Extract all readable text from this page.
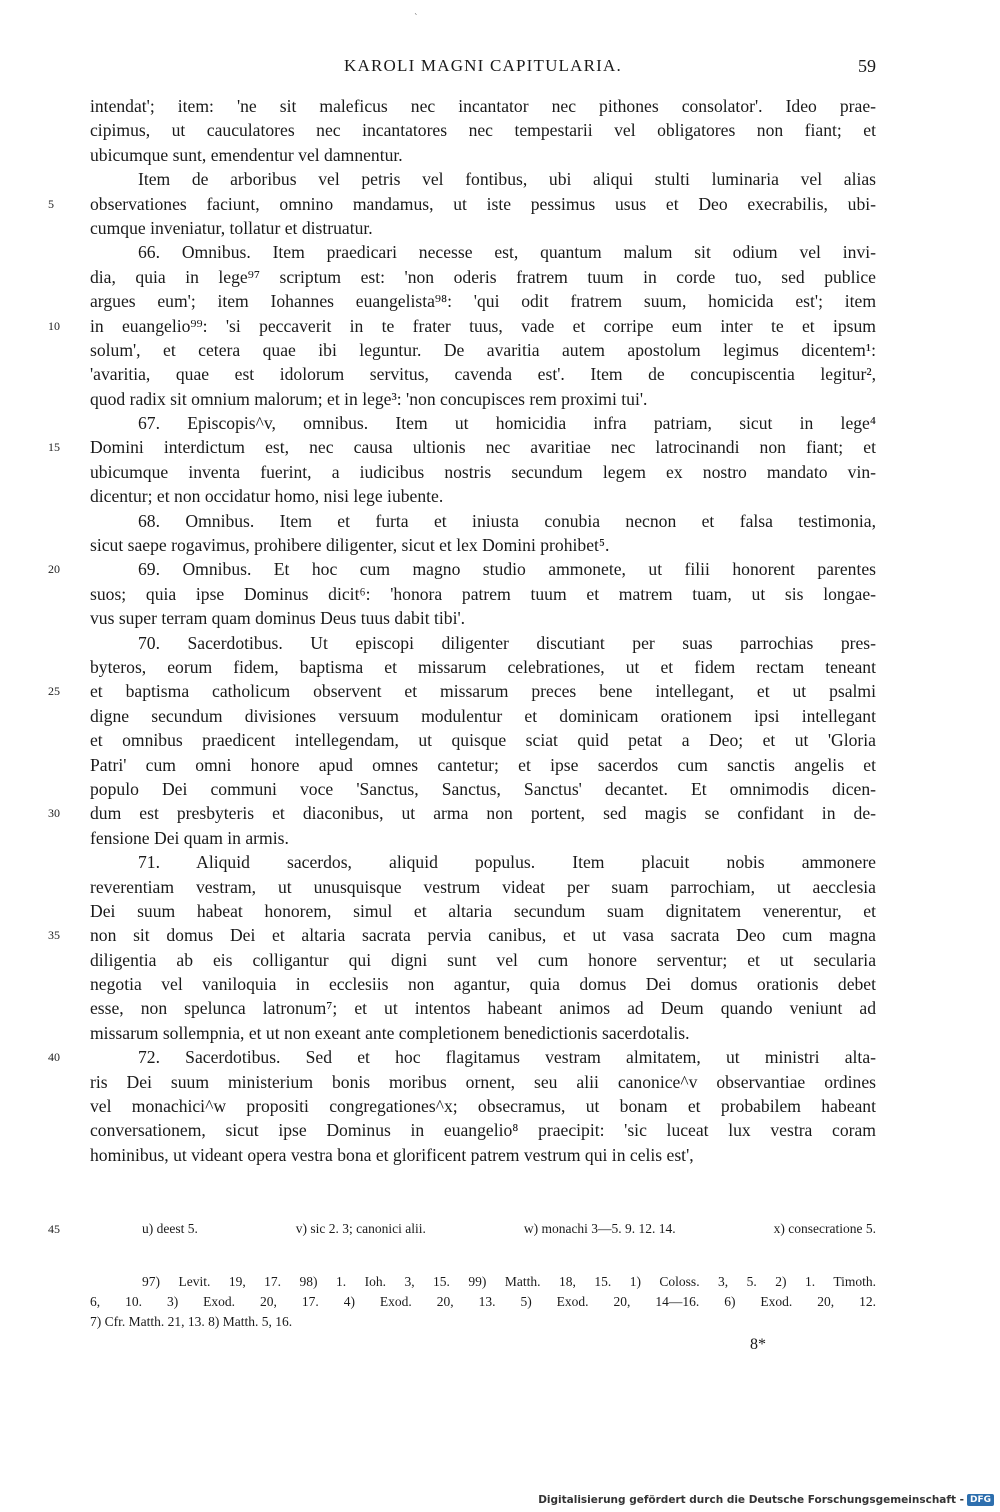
`
KAROLI MAGNI CAPITULARIA.	59
intendat'; item: 'ne sit maleficus nec incantator nec pithones consolator'. Ideo prae-
cipimus, ut cauculatores nec incantatores nec tempestarii vel obligatores non fiant; et
ubicumque sunt, emendentur vel damnentur.
Item de arboribus vel petris vel fontibus, ubi aliqui stulti luminaria vel alias
5 observationes faciunt, omnino mandamus, ut iste pessimus usus et Deo execrabilis, ubi-
cumque inveniatur, tollatur et distruatur.
66. Omnibus. Item praedicari necesse est, quantum malum sit odium vel invi-
dia, quia in lege⁹⁷ scriptum est: 'non oderis fratrem tuum in corde tuo, sed publice
argues eum'; item Iohannes euangelista⁹⁸: 'qui odit fratrem suum, homicida est'; item
10 in euangelio⁹⁹: 'si peccaverit in te frater tuus, vade et corripe eum inter te et ipsum
solum', et cetera quae ibi leguntur. De avaritia autem apostolum legimus dicentem¹:
'avaritia, quae est idolorum servitus, cavenda est'. Item de concupiscentia legitur²,
quod radix sit omnium malorum; et in lege³: 'non concupisces rem proximi tui'.
67. Episcopis^v, omnibus. Item ut homicidia infra patriam, sicut in lege⁴
15 Domini interdictum est, nec causa ultionis nec avaritiae nec latrocinandi non fiant; et
ubicumque inventa fuerint, a iudicibus nostris secundum legem ex nostro mandato vin-
dicentur; et non occidatur homo, nisi lege iubente.
68. Omnibus. Item et furta et iniusta conubia necnon et falsa testimonia,
sicut saepe rogavimus, prohibere diligenter, sicut et lex Domini prohibet⁵.
20	69. Omnibus. Et hoc cum magno studio ammonete, ut filii honorent parentes
suos; quia ipse Dominus dicit⁶: 'honora patrem tuum et matrem tuam, ut sis longae-
vus super terram quam dominus Deus tuus dabit tibi'.
70. Sacerdotibus. Ut episcopi diligenter discutiant per suas parrochias pres-
byteros, eorum fidem, baptisma et missarum celebrationes, ut et fidem rectam teneant
25 et baptisma catholicum observent et missarum preces bene intellegant, et ut psalmi
digne secundum divisiones versuum modulentur et dominicam orationem ipsi intellegant
et omnibus praedicent intellegendam, ut quisque sciat quid petat a Deo; et ut 'Gloria
Patri' cum omni honore apud omnes cantetur; et ipse sacerdos cum sanctis angelis et
populo Dei communi voce 'Sanctus, Sanctus, Sanctus' decantet. Et omnimodis dicen-
30 dum est presbyteris et diaconibus, ut arma non portent, sed magis se confidant in de-
fensione Dei quam in armis.
71. Aliquid sacerdos, aliquid populus. Item placuit nobis ammonere
reverentiam vestram, ut unusquisque vestrum videat per suam parrochiam, ut aecclesia
Dei suum habeat honorem, simul et altaria secundum suam dignitatem venerentur, et
35 non sit domus Dei et altaria sacrata pervia canibus, et ut vasa sacrata Deo cum magna
diligentia ab eis colligantur qui digni sunt vel cum honore serventur; et ut secularia
negotia vel vaniloquia in ecclesiis non agantur, quia domus Dei domus orationis debet
esse, non spelunca latronum⁷; et ut intentos habeant animos ad Deum quando veniunt ad
missarum sollempnia, et ut non exeant ante completionem benedictionis sacerdotalis.
40	72. Sacerdotibus. Sed et hoc flagitamus vestram almitatem, ut ministri alta-
ris Dei suum ministerium bonis moribus ornent, seu alii canonice^v observantiae ordines
vel monachici^w propositi congregationes^x; obsecramus, ut bonam et probabilem habeant
conversationem, sicut ipse Dominus in euangelio⁸ praecipit: 'sic luceat lux vestra coram
hominibus, ut videant opera vestra bona et glorificent patrem vestrum qui in celis est',
45	u) deest 5.	v) sic 2. 3; canonici alii.	w) monachi 3—5. 9. 12. 14.	x) consecratione 5.
97) Levit. 19, 17. 98) 1. Ioh. 3, 15. 99) Matth. 18, 15. 1) Coloss. 3, 5. 2) 1. Timoth.
6, 10. 3) Exod. 20, 17. 4) Exod. 20, 13. 5) Exod. 20, 14—16. 6) Exod. 20, 12.
7) Cfr. Matth. 21, 13. 8) Matth. 5, 16.
8*
Digitalisierung gefördert durch die Deutsche Forschungsgemeinschaft - DFG
